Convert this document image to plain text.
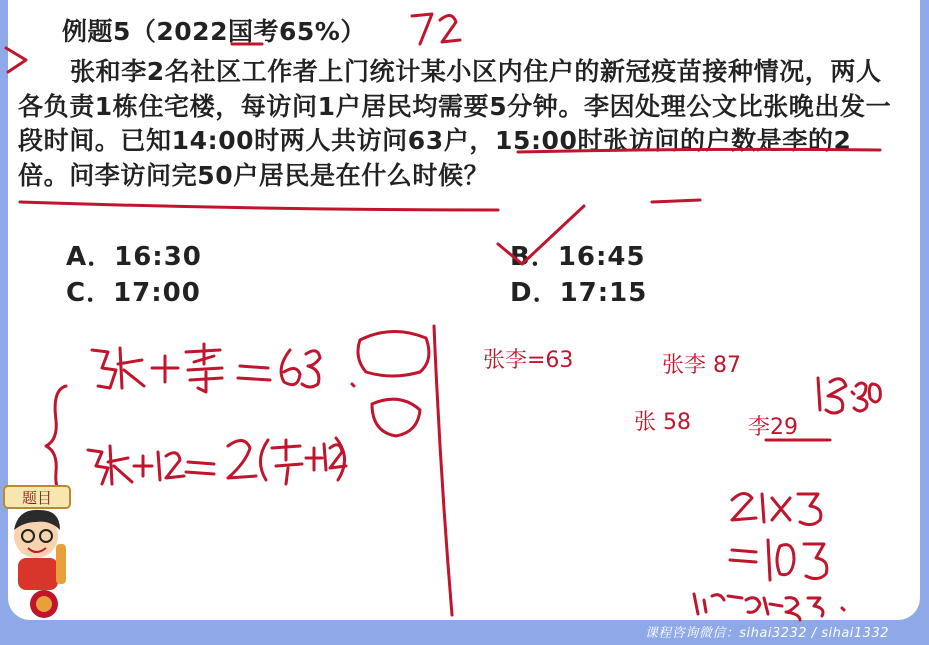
例题5（2022国考65%）
张和李2名社区工作者上门统计某小区内住户的新冠疫苗接种情况，两人各负责1栋住宅楼，每访问1户居民均需要5分钟。李因处理公文比张晚出发一段时间。已知14:00时两人共访问63户，15:00时张访问的户数是李的2倍。问李访问完50户居民是在什么时候？
A．16:30	B．16:45
C．17:00	D．17:15
张李=63	张李 87
张 58	李29
题目
课程咨询微信：sihai3232 / sihai1332
